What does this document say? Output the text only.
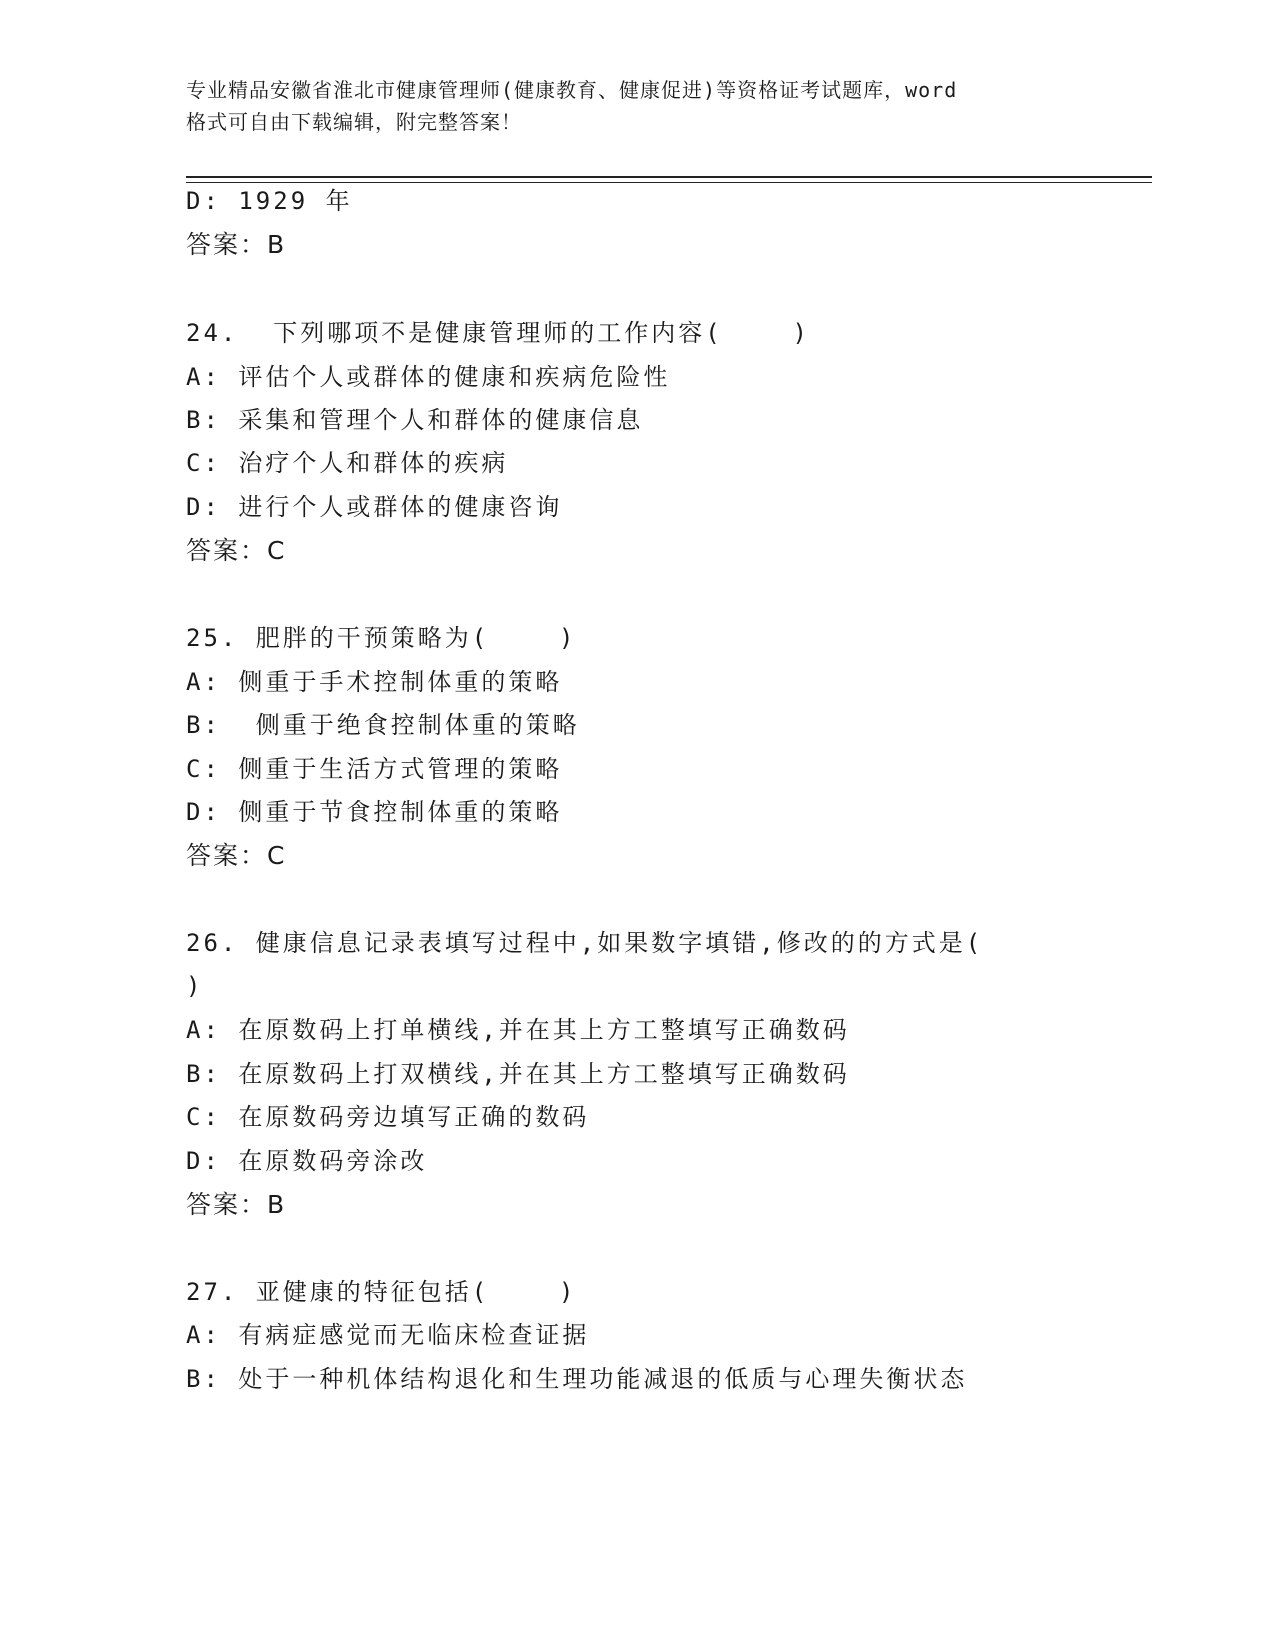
专业精品安徽省淮北市健康管理师(健康教育、健康促进)等资格证考试题库，word
格式可自由下载编辑，附完整答案！
D: 1929 年
答案：B
24.  下列哪项不是健康管理师的工作内容(    )
A: 评估个人或群体的健康和疾病危险性
B: 采集和管理个人和群体的健康信息
C: 治疗个人和群体的疾病
D: 进行个人或群体的健康咨询
答案：C
25. 肥胖的干预策略为(    )
A: 侧重于手术控制体重的策略
B:  侧重于绝食控制体重的策略
C: 侧重于生活方式管理的策略
D: 侧重于节食控制体重的策略
答案：C
26. 健康信息记录表填写过程中,如果数字填错,修改的的方式是(
)
A: 在原数码上打单横线,并在其上方工整填写正确数码
B: 在原数码上打双横线,并在其上方工整填写正确数码
C: 在原数码旁边填写正确的数码
D: 在原数码旁涂改
答案：B
27. 亚健康的特征包括(    )
A: 有病症感觉而无临床检查证据
B: 处于一种机体结构退化和生理功能减退的低质与心理失衡状态
